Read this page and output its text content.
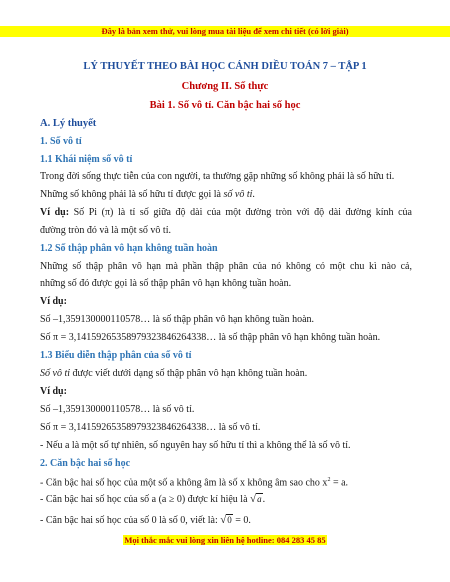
Đây là bản xem thử, vui lòng mua tài liệu để xem chi tiết (có lời giải)
LÝ THUYẾT THEO BÀI HỌC CÁNH DIỀU TOÁN 7 – TẬP 1
Chương II. Số thực
Bài 1. Số vô tỉ. Căn bậc hai số học
A. Lý thuyết
1. Số vô tỉ
1.1 Khái niệm số vô tỉ
Trong đời sống thực tiễn của con người, ta thường gặp những số không phải là số hữu tỉ.
Những số không phải là số hữu tỉ được gọi là số vô tỉ.
Ví dụ: Số Pi (π) là tỉ số giữa độ dài của một đường tròn với độ dài đường kính của
đường tròn đó và là một số vô tỉ.
1.2 Số thập phân vô hạn không tuần hoàn
Những số thập phân vô hạn mà phần thập phân của nó không có một chu kì nào cả,
những số đó được gọi là số thập phân vô hạn không tuần hoàn.
Ví dụ:
Số –1,359130000110578… là số thập phân vô hạn không tuần hoàn.
Số π = 3,14159265358979323846264338… là số thập phân vô hạn không tuần hoàn.
1.3 Biểu diễn thập phân của số vô tỉ
Số vô tỉ được viết dưới dạng số thập phân vô hạn không tuần hoàn.
Ví dụ:
Số –1,359130000110578… là số vô tỉ.
Số π = 3,14159265358979323846264338… là số vô tỉ.
- Nếu a là một số tự nhiên, số nguyên hay số hữu tỉ thì a không thể là số vô tỉ.
2. Căn bậc hai số học
- Căn bậc hai số học của một số a không âm là số x không âm sao cho $x^2 = a$.
- Căn bậc hai số học của số a (a ≥ 0) được kí hiệu là √a.
- Căn bậc hai số học của số 0 là số 0, viết là: √0 = 0.
Mọi thắc mắc vui lòng xin liên hệ hotline: 084 283 45 85
